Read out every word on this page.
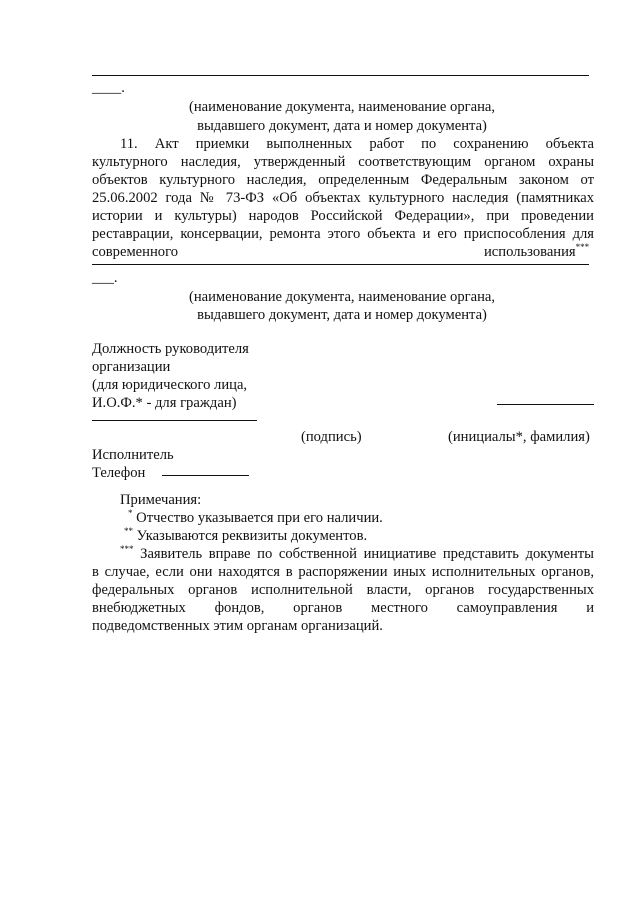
____.
(наименование документа, наименование органа,
выдавшего документ, дата и номер документа)
11. Акт приемки выполненных работ по сохранению объекта
культурного наследия, утвержденный соответствующим органом охраны
объектов культурного наследия, определенным Федеральным законом от
25.06.2002 года № 73-ФЗ «Об объектах культурного наследия (памятниках
истории и культуры) народов Российской Федерации», при проведении
реставрации, консервации, ремонта этого объекта и его приспособления для
современного	использования***
___.
(наименование документа, наименование органа,
выдавшего документ, дата и номер документа)
Должность руководителя
организации
(для юридического лица,
И.О.Ф.* - для граждан)
(подпись)	(инициалы*, фамилия)
Исполнитель
Телефон
Примечания:
* Отчество указывается при его наличии.
** Указываются реквизиты документов.
*** Заявитель вправе по собственной инициативе представить документы
в случае, если они находятся в распоряжении иных исполнительных органов,
федеральных органов исполнительной власти, органов государственных
внебюджетных фондов, органов местного самоуправления и
подведомственных этим органам организаций.
